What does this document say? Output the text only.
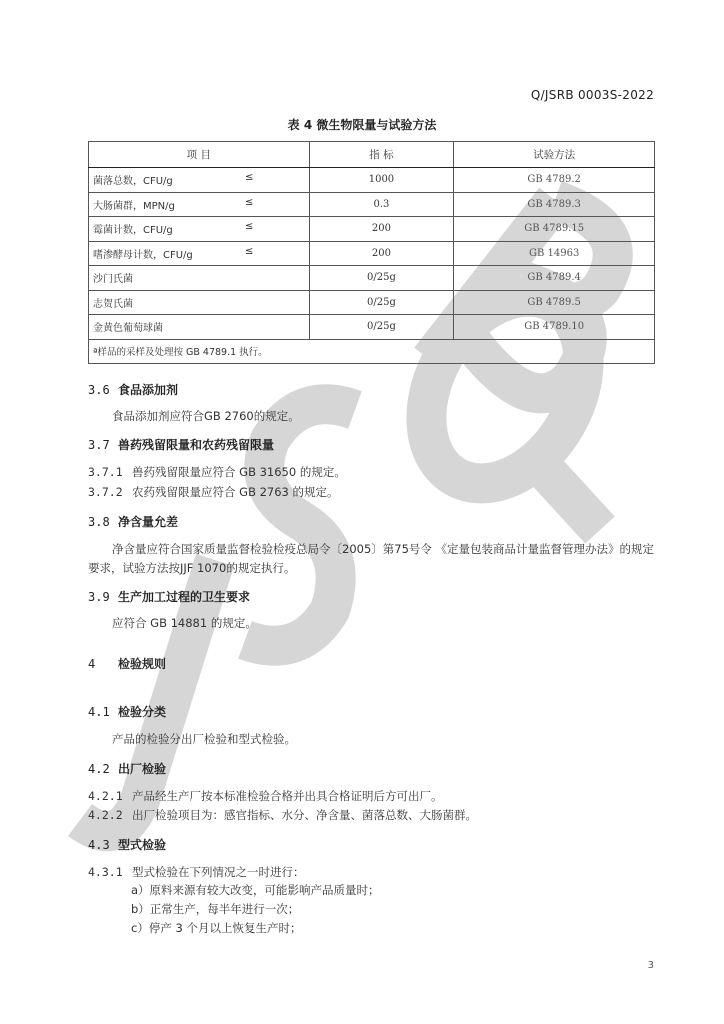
Q/JSRB 0003S-2022
表 4 微生物限量与试验方法
项 目	指 标	试验方法
菌落总数，CFU/g ≤	1000	GB 4789.2
大肠菌群，MPN/g ≤	0.3	GB 4789.3
霉菌计数，CFU/g ≤	200	GB 4789.15
嗜渗酵母计数，CFU/g ≤	200	GB 14963
沙门氏菌	0/25g	GB 4789.4
志贺氏菌	0/25g	GB 4789.5
金黄色葡萄球菌	0/25g	GB 4789.10
ª样品的采样及处理按 GB 4789.1 执行。		
3.6 食品添加剂
食品添加剂应符合GB 2760的规定。
3.7 兽药残留限量和农药残留限量
3.7.1 兽药残留限量应符合 GB 31650 的规定。
3.7.2 农药残留限量应符合 GB 2763 的规定。
3.8 净含量允差
净含量应符合国家质量监督检验检疫总局令〔2005〕第75号令 《定量包装商品计量监督管理办法》的规定要求，试验方法按JJF 1070的规定执行。
3.9 生产加工过程的卫生要求
应符合 GB 14881 的规定。
4 检验规则
4.1 检验分类
产品的检验分出厂检验和型式检验。
4.2 出厂检验
4.2.1 产品经生产厂按本标准检验合格并出具合格证明后方可出厂。
4.2.2 出厂检验项目为：感官指标、水分、净含量、菌落总数、大肠菌群。
4.3 型式检验
4.3.1 型式检验在下列情况之一时进行：
a）原料来源有较大改变，可能影响产品质量时；
b）正常生产，每半年进行一次；
c）停产 3 个月以上恢复生产时；
3
